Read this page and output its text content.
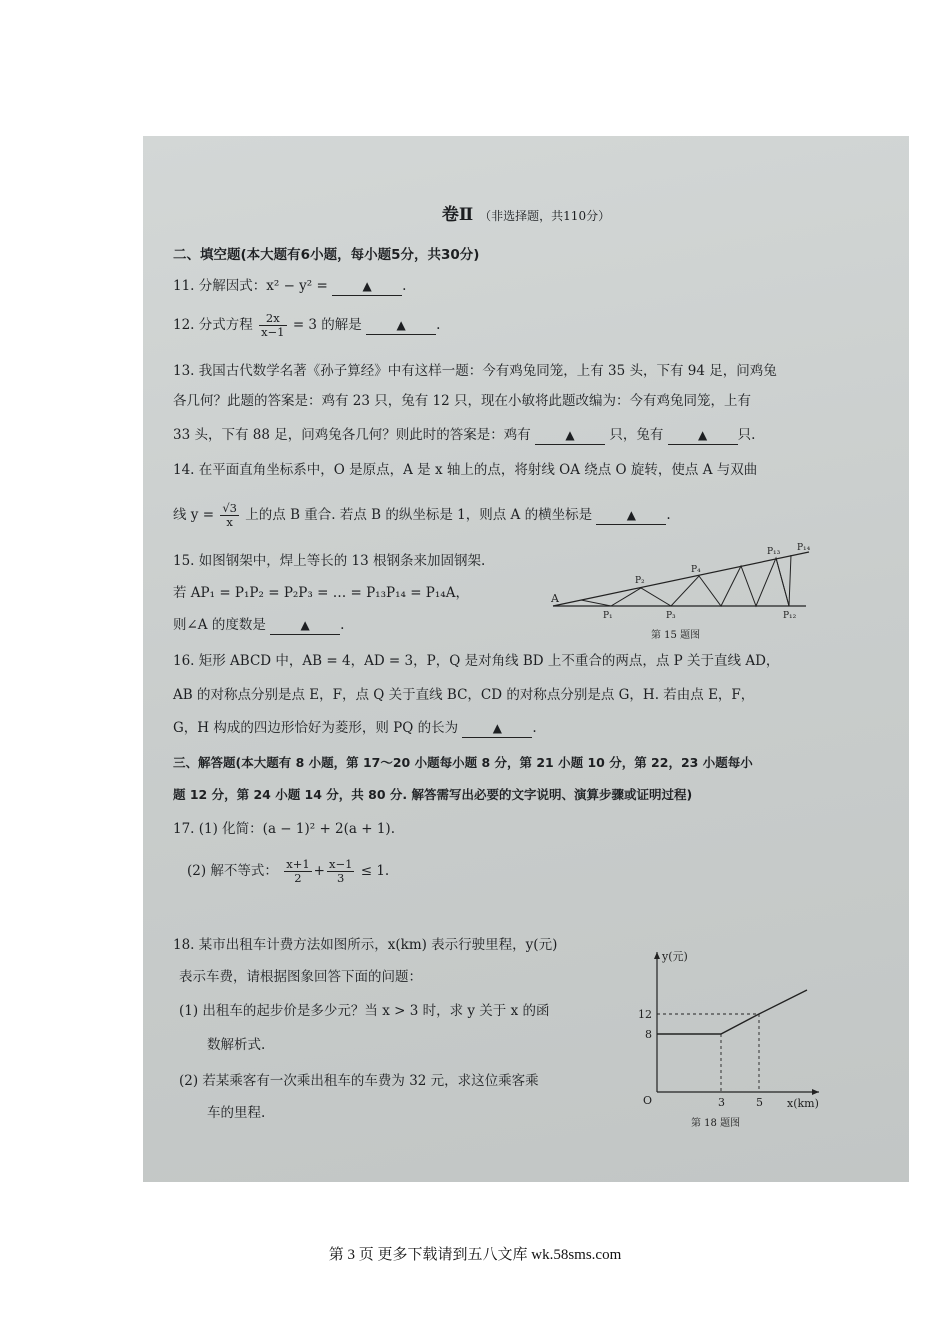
卷Ⅱ （非选择题，共110分）
二、填空题(本大题有6小题，每小题5分，共30分)
11. 分解因式：x² − y² =	▲ .
12. 分式方程 $\frac{2x}{x-1} = 3$ 的解是	▲ .
13. 我国古代数学名著《孙子算经》中有这样一题：今有鸡兔同笼，上有 35 头，下有 94 足，问鸡兔
各几何？此题的答案是：鸡有 23 只，兔有 12 只，现在小敏将此题改编为：今有鸡兔同笼，上有
33 头，下有 88 足，问鸡兔各几何？则此时的答案是：鸡有	▲	只，兔有	▲ 只.
14. 在平面直角坐标系中，O 是原点，A 是 x 轴上的点，将射线 OA 绕点 O 旋转，使点 A 与双曲
线 $y = \frac{√3}{x}$ 上的点 B 重合. 若点 B 的纵坐标是 1，则点 A 的横坐标是	▲ .
15. 如图钢架中，焊上等长的 13 根钢条来加固钢架.
若 AP₁ = P₁P₂ = P₂P₃ = … = P₁₃P₁₄ = P₁₄A，
则∠A 的度数是	▲ .
A
P₁
P₂
P₃
P₄
P₁₂
P₁₃ P₁₄
第 15 题图
16. 矩形 ABCD 中，AB = 4，AD = 3，P，Q 是对角线 BD 上不重合的两点，点 P 关于直线 AD，
AB 的对称点分别是点 E，F，点 Q 关于直线 BC，CD 的对称点分别是点 G，H. 若由点 E，F，
G，H 构成的四边形恰好为菱形，则 PQ 的长为	▲ .
三、解答题(本大题有 8 小题，第 17～20 小题每小题 8 分，第 21 小题 10 分，第 22，23 小题每小
题 12 分，第 24 小题 14 分，共 80 分. 解答需写出必要的文字说明、演算步骤或证明过程)
17. (1) 化简：(a − 1)² + 2(a + 1).
(2) 解不等式： $\frac{x+1}{2} + \frac{x-1}{3} \le 1$.
18. 某市出租车计费方法如图所示，x(km) 表示行驶里程，y(元)
表示车费，请根据图象回答下面的问题：
(1) 出租车的起步价是多少元？当 x > 3 时，求 y 关于 x 的函
数解析式.
(2) 若某乘客有一次乘出租车的车费为 32 元，求这位乘客乘
车的里程.
y(元)
x(km)
O
12
8
3	5
第 18 题图
第 3 页 更多下载请到五八文库 wk.58sms.com
